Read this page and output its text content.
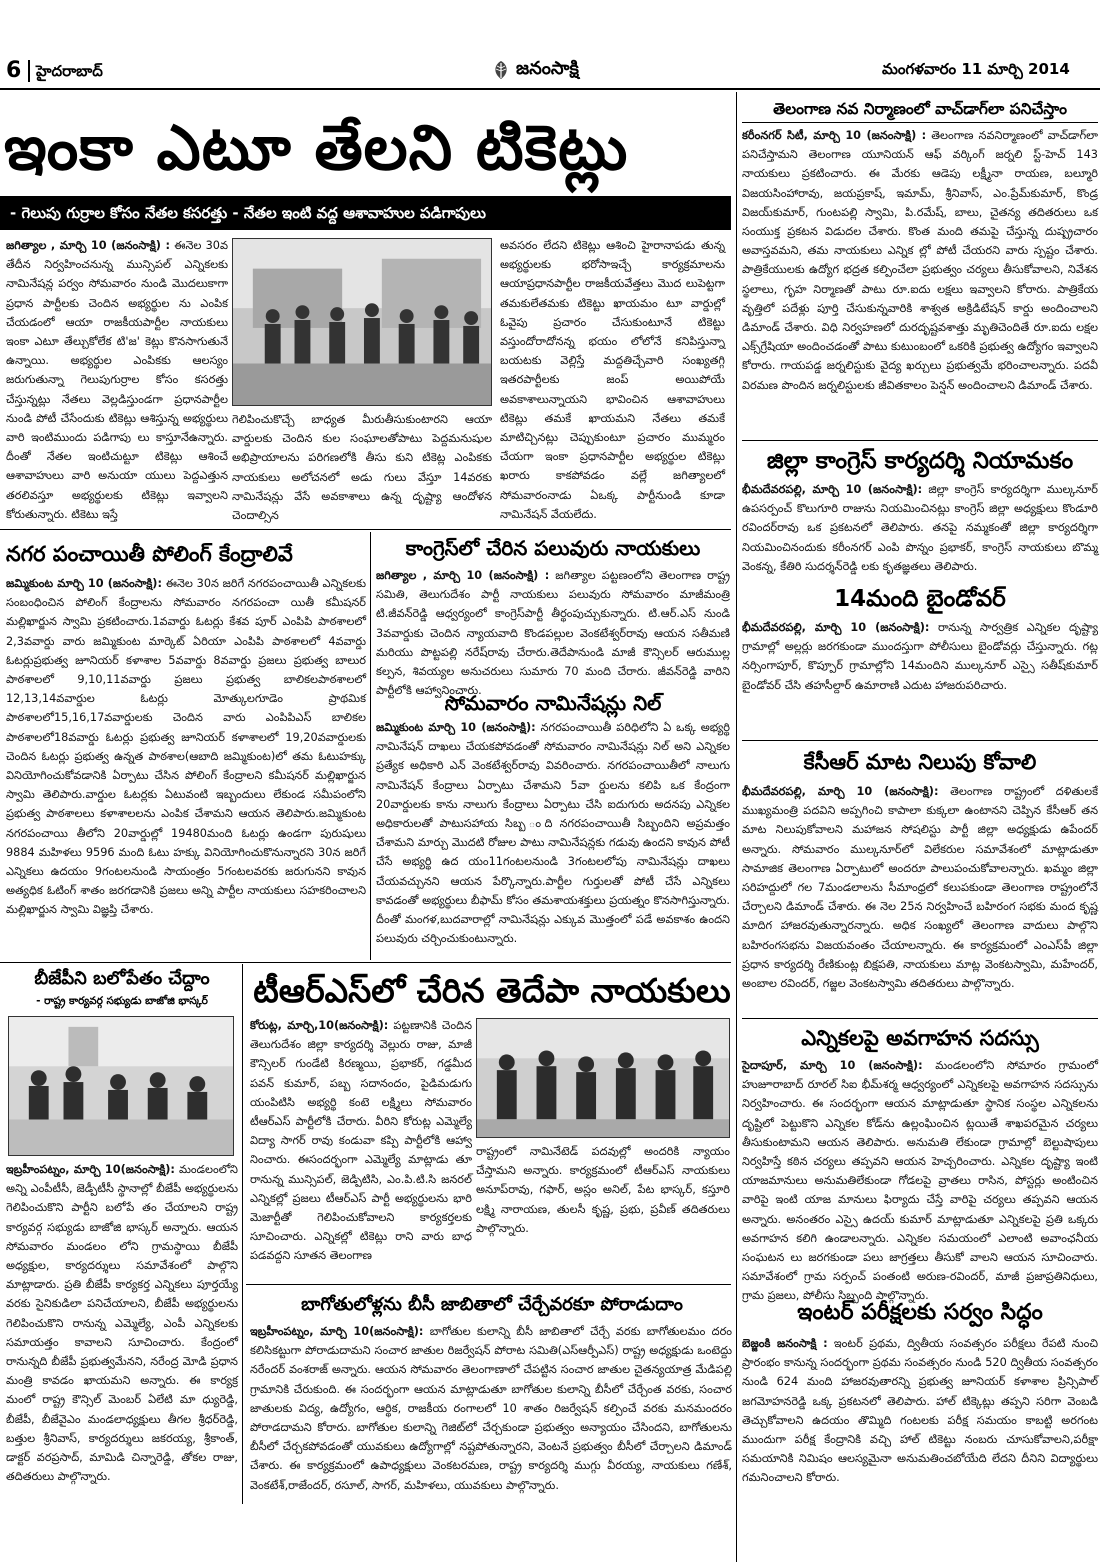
6 హైదరాబాద్	జనంసాక్షి	మంగళవారం 11 మార్చి 2014
ఇంకా ఎటూ తేలని టికెట్లు
- గెలుపు గుర్రాల కోసం నేతల కసరత్తు - నేతల ఇంటి వద్ద ఆశావాహుల పడిగాపులు
జగిత్యాల , మార్చి 10 (జనంసాక్షి) : ఈనెల 30వ తేదీన నిర్వహించనున్న మున్సిపల్ ఎన్నికలకు నామినేషన్ల పర్వం సోమవారం నుండి మొదలుకాగా ప్రధాన పార్టీలకు చెందిన అభ్యర్థుల ను ఎంపిక చేయడంలో ఆయా రాజకీయపార్టీల నాయకులు ఇంకా ఎటూ తేల్చుకోలేక టి'జ' కెట్లు కొనసాగుతునే ఉన్నాయి. అభ్యర్థుల ఎంపికకు ఆలస్యం జరుగుతున్నా గెలుపుగుర్రాల కోసం కసరత్తు చేస్తున్నట్లు నేతలు వెల్లడిస్తుండగా ప్రధానపార్టీల నుండి పోటీ చేసేందుకు టికెట్లు ఆశిస్తున్న అభ్యర్థులు వారి ఇంటిముందు పడిగాపు లు కాస్తూనేఉన్నారు. దీంతో నేతల ఇంటిచుట్టూ టికెట్లు ఆశించే ఆశావాహులు వారి అనుయా యులు పెద్దఎత్తున తరలివస్తూ అభ్యర్థులకు టికెట్లు ఇవ్వాలని కోరుతున్నారు. టికెటు ఇస్తే
గెలిపించుకొచ్చే బాధ్యత మీరుతీసుకుంటారని ఆయా వార్డులకు చెందిన కుల సంఘాలతోపాటు పెద్దమనుషుల అభిప్రాయాలను పరిగణలోకి తీసు కుని టికెట్ల ఎంపికకు నాయకులు అలోచనలో అడు గులు వేస్తూ 14వరకు నామినేషన్లు వేసే అవకాశాలు ఉన్న దృష్ట్యా ఆందోళన చెందాల్సిన
అవసరం లేదని టికెట్లు ఆశించి హైరానాపడు తున్న అభ్యర్థులకు భరోసాఇచ్చే కార్యక్రమాలను ఆయాప్రధానపార్టీల రాజకీయవేత్తలు మొద లుపెట్టగా తమకులేతమకు టికెట్టు ఖాయమం టూ వార్డుల్లో ఓవైపు ప్రచారం చేసుకుంటూనే టికెట్టు వస్తుందోరాదోనన్న భయం లోలోనే కనిపిస్తున్నా బయటకు వెల్లిస్తే మద్దతిచ్చేవారి సంఖ్యతగ్గి ఇతరపార్టీలకు జంప్ అయిపోయే అవకాశాలున్నాయని భావించిన ఆశావాహులు టికెట్లు తమకే ఖాయమని నేతలు తమకే మాటిచ్చినట్లు చెప్పుకుంటూ ప్రచారం ముమ్మరం చేయగా ఇంకా ప్రధానపార్టీల అభ్యర్థుల టికెట్లు ఖరారు కాకపోవడం వల్లే జగిత్యాలలో సోమవారంనాడు ఏఒక్క పార్టీనుండి కూడా నామినేషన్ వేయలేదు.
తెలంగాణ నవ నిర్మాణంలో వాచ్‌డాగ్‌లా పనిచేస్తాం
కరీంనగర్ సిటీ, మార్చి 10 (జనంసాక్షి) : తెలంగాణ నవనిర్మాణంలో వాచ్‌డాగ్‌లా పనిచేస్తామని తెలంగాణ యూనియన్ ఆఫ్ వర్కింగ్ జర్నలి స్ట్-హెచ్ 143 నాయకులు ప్రకటించారు. ఈ మేరకు ఆడెపు లక్ష్మీనా రాయణ, బల్మూరి విజయసింహారావు, జయప్రకాష్, ఇమామ్, శ్రీనివాస్, ఎం.ప్రేమ్‌కుమార్, కొండ్ర విజయ్‌కుమార్, గుంటపల్లి స్వామి, పి.రమేష్, బాలు, చైతన్య తదితరులు ఒక సంయుక్త ప్రకటన విడుదల చేశారు. కొంత మంది తమపై చేస్తున్న దుష్ప్రచారం అవాస్తవమని, తమ నాయకులు ఎన్నిక ల్లో పోటీ చేయరని వారు స్పష్టం చేశారు. పాత్రికేయులకు ఉద్యోగ భద్రత కల్పించేలా ప్రభుత్వం చర్యలు తీసుకోవాలని, నివేశన స్థలాలు, గృహ నిర్మాణతో పాటు రూ.ఐదు లక్షలు ఇవ్వాలని కోరారు. పాత్రికేయ వృత్తిలో పదేళ్లు పూర్తి చేసుకున్నవారికి శాశ్వత అక్రిడిటేషన్ కార్డు అందించాలని డిమాండ్ చేశారు. విధి నిర్వహణలో దురదృష్టవశాత్తు మృతిచెందితే రూ.ఐదు లక్షల ఎక్స్‌గ్రేషియా అందించడంతో పాటు కుటుంబంలో ఒకరికి ప్రభుత్వ ఉద్యోగం ఇవ్వాలని కోరారు. గాయపడ్డ జర్నలిస్టుకు వైద్య ఖర్చులు ప్రభుత్వమే భరించాలన్నారు. పదవీ విరమణ పొందిన జర్నలిస్టులకు జీవితకాలం పెన్షన్ అందించాలని డిమాండ్ చేశారు.
జిల్లా కాంగ్రెస్ కార్యదర్శి నియామకం
భీమదేవరపల్లి, మార్చి 10 (జనంసాక్షి): జిల్లా కాంగ్రెస్ కార్యదర్శిగా ముల్కనూర్ ఉపసర్పంచ్ కొలుగూరి రాజును నియమించినట్లు కాంగ్రెస్ జిల్లా అధ్యక్షులు కొండూరి రవిందర్‌రావు ఒక ప్రకటనలో తెలిపారు. తనపై నమ్మకంతో జిల్లా కార్యదర్శిగా నియమించినందుకు కరీంనగర్ ఎంపి పొన్నం ప్రభాకర్, కాంగ్రెస్ నాయకులు బొమ్మ వెంకన్న, కేతిరి సుదర్శన్‌రెడ్డి లకు కృతజ్ఞతలు తెలిపారు.
14మంది బైండోవర్
భీమదేవరపల్లి, మార్చి 10 (జనంసాక్షి): రానున్న సార్వత్రిక ఎన్నికల దృష్ట్యా గ్రామాల్లో అల్లర్లు జరగకుండా ముందస్తుగా పోలీసులు బైండోవర్లు చేస్తున్నారు. గట్ల నర్సింగాపూర్, కొప్పూర్ గ్రామాల్లోని 14మందిని ముల్కనూర్ ఎస్సై సతీష్‌కుమార్ బైండోవర్ చేసి తహసీల్దార్ ఉమారాణి ఎదుట హాజరుపరిచారు.
కేసీఆర్ మాట నిలుపు కోవాలి
భీమదేవరపల్లి, మార్చి 10 (జనంసాక్షి): తెలంగాణ రాష్ట్రంలో దళితులకే ముఖ్యమంత్రి పదవిని అప్పగించి కాపాలా కుక్కలా ఉంటానని చెప్పిన కేసీఆర్ తన మాట నిలుపుకోవాలని మహాజన సోషలిస్టు పార్టీ జిల్లా అధ్యక్షుడు ఉపేందర్ అన్నారు. సోమవారం ముల్కనూర్‌లో విలేకరుల సమావేశంలో మాట్లాడుతూ సామాజిక తెలంగాణ ఏర్పాటులో అందరూ పాలుపంచుకోవాలన్నారు. ఖమ్మం జిల్లా సరిహద్దులో గల 7మండలాలను సీమాంధ్రలో కలుపకుండా తెలంగాణ రాష్ట్రంలోనే చేర్చాలని డిమాండ్ చేశారు. ఈ నెల 25న నిర్వహించే బహిరంగ సభకు మంద కృష్ణ మాదిగ హాజరవుతున్నారన్నారు. అధిక సంఖ్యలో తెలంగాణ వాదులు పాల్గొని బహిరంగసభను విజయవంతం చేయాలన్నారు. ఈ కార్యక్రమంలో ఎంఎస్‌పీ జిల్లా ప్రధాన కార్యదర్శి రేణికుంట్ల బిక్షపతి, నాయకులు మాట్ల వెంకటస్వామి, మహేందర్, అంబాల రవిందర్, గజ్జల వెంకటస్వామి తదితరులు పాల్గొన్నారు.
ఎన్నికలపై అవగాహన సదస్సు
సైదాపూర్, మార్చి 10 (జనంసాక్షి): మండలంలోని సోమారం గ్రామంలో హుజూరాబాద్ రూరల్ సిఐ భీమ్‌శర్మ ఆధ్వర్యంలో ఎన్నికలపై అవగాహన సదస్సును నిర్వహించారు. ఈ సందర్భంగా ఆయన మాట్లాడుతూ స్థానిక సంస్థల ఎన్నికలను దృష్టిలో పెట్టుకొని ఎన్నికల కోడ్‌ను ఉల్లంఘించిన ట్లయితే శాఖపరమైన చర్యలు తీసుకుంటామని ఆయన తెలిపారు. అనుమతి లేకుండా గ్రామాల్లో బెల్టుషాపులు నిర్వహిస్తే కఠిన చర్యలు తప్పవని ఆయన హెచ్చరించారు. ఎన్నికల దృష్ట్యా ఇంటి యాజమానులు అనుమతిలేకుండా గోడలపై వ్రాతలు రాసిన, పోస్టర్లు అంటించిన వారిపై ఇంటి యాజ మానులు ఫిర్యాదు చేస్తే వారిపై చర్యలు తప్పవని ఆయన అన్నారు. అనంతరం ఎస్సై ఉదయ్ కుమార్ మాట్లాడుతూ ఎన్నికలపై ప్రతి ఒక్కరు అవగాహన కలిగి ఉండాలన్నారు. ఎన్నికల సమయంలో ఎలాంటి అవాంఛనీయ సంఘటన లు జరగకుండా పలు జాగ్రత్తలు తీసుకో వాలని ఆయన సూచించారు. సమావేశంలో గ్రామ సర్పంచ్ పంతంటి అరుణ-రవిందర్, మాజీ ప్రజాప్రతినిధులు, గ్రామ ప్రజలు, పోలీసు సిబ్బంది పాల్గొన్నారు.
ఇంటర్ పరీక్షలకు సర్వం సిద్ధం
బెజ్జంకి జనంసాక్షి : ఇంటర్ ప్రథమ, ద్వితీయ సంవత్సరం పరీక్షలు రేపటి నుంచి ప్రారంభం కానున్న సందర్భంగా ప్రథమ సంవత్సరం నుండి 520 ద్వితీయ సంవత్సరం నుండి 624 మంది హాజరవుతారన్ని ప్రభుత్వ జూనియర్ కళాశాల ప్రిన్సిపాల్ జగమోహనరెడ్డి ఒక్క ప్రకటనలో తెలిపారు. హాల్ టిక్కెట్లు తప్పని సరిగా వెంబడి తెచ్చుకోవాలని ఉదయం తొమ్మిది గంటలకు పరీక్ష సమయం కాబట్టి అరగంట ముందుగా పరీక్ష కేంద్రానికి వచ్చి హాల్ టికెట్టు నంబరు చూసుకోవాలని,పరీక్షా సమయానికి నిమిషం ఆలస్యమైనా అనుమతించబోయేది లేదని దీనిని విద్యార్థులు గమనించాలని కోరారు.
నగర పంచాయితీ పోలింగ్ కేంద్రాలివే
జమ్మికుంట మార్చి 10 (జనంసాక్షి): ఈనెల 30న జరిగే నగరపంచాయితీ ఎన్నికలకు సంబంధించిన పోలింగ్ కేంద్రాలను సోమవారం నగరపంచా యితీ కమీషనర్ మల్లిఖార్జున స్వామి ప్రకటించారు.1వవార్డు ఓటర్లు కేశవ పూర్ ఎంపిపి పాఠశాలలో 2,3వవార్డు వారు జమ్మికుంట మార్కెట్ ఏరియా ఎంపిపి పాఠశాలలో 4వవార్డు ఓటర్లుప్రభుత్వ జూనియర్ కళాశాల 5వవార్డు 8వవార్డు ప్రజలు ప్రభుత్వ బాలుర పాఠశాలలో 9,10,11వవార్డు ప్రజలు ప్రభుత్వ బాలికలపాఠశాలలో 12,13,14వవార్డుల ఓటర్లు మోత్కులగూడెం ప్రాథమిక పాఠశాలలో15,16,17వవార్డులకు చెందిన వారు ఎంపిపిఎస్ బాలికల పాఠశాలలో18వవార్డు ఓటర్లు ప్రభుత్వ జూనియర్ కళాశాలలో 19,20వవార్డులకు చెందిన ఓటర్లు ప్రభుత్వ ఉన్నత పాఠశాల(ఆబాది జమ్మికుంట)లో తమ ఓటుహక్కు వినియోగించుకోవడానికి ఏర్పాటు చేసిన పోలింగ్ కేంద్రాలని కమీషనర్ మల్లిఖార్జున స్వామి తెలిపారు.వార్డుల ఓటర్లకు ఏటువంటి ఇబ్బందులు లేకుండ సమీపంలోని ప్రభుత్వ పాఠశాలలు కళాశాలలను ఎంపిక చేశామని ఆయన తెలిపారు.జమ్మికుంట నగరపంచాయి తీలోని 20వార్డుల్లో 19480మంది ఓటర్లు ఉండగా పురుషులు 9884 మహిళలు 9596 మంది ఓటు హక్కు వినియోగించుకొనున్నారని 30న జరిగే ఎన్నికలు ఉదయం 9గంటలనుండి సాయంత్రం 5గంటలవరకు జరుగునని కావున అత్యధిక ఓటింగ్ శాతం జరగడానికి ప్రజలు అన్ని పార్టీల నాయకులు సహకరించాలని మల్లిఖార్జున స్వామి విజ్ఞప్తి చేశారు.
కాంగ్రెస్‌లో చేరిన పలువురు నాయకులు
జగిత్యాల , మార్చి 10 (జనంసాక్షి) : జగిత్యాల పట్టణంలోని తెలంగాణ రాష్ట్ర సమితి, తెలుగుదేశం పార్టీ నాయకులు పలువురు సోమవారం మాజీమంత్రి టి.జీవన్‌రెడ్డి ఆధ్వర్యంలో కాంగ్రెస్‌పార్టీ తీర్థంపుచ్చుకున్నారు. టి.ఆర్.ఎస్ నుండి 3వవార్డుకు చెందిన న్యాయవాది కొండపల్లుల వెంకటేశ్వర్‌రావు ఆయన సతీమణి మరియు పొట్టపల్లి నరేష్‌రావు చేరారు.తెదేపానుండి మాజీ కౌన్సిలర్ ఆరుముల్ల కల్పన, శివయ్యల అనుచరులు సుమారు 70 మంది చేరారు. జీవన్‌రెడ్డి వారిని పార్టీలోకి ఆహ్వానించారు.
సోమవారం నామినేషన్లు నిల్
జమ్మికుంట మార్చి 10 (జనంసాక్షి): నగరపంచాయితీ పరిధిలోని ఏ ఒక్క అభ్యర్థి నామినేషన్ దాఖలు చేయకపోవడంతో సోమవారం నామినేషన్లు నిల్ అని ఎన్నికల ప్రత్యేక అధికారి ఎన్ వెంకటేశ్వర్‌రావు వివరించారు. నగరపంచాయితీలో నాలుగు నామినేషన్ కేంద్రాలు ఏర్పాటు చేశామని 5వా ర్డులను కలిపి ఒక కేంద్రంగా 20వార్డులకు కాను నాలుగు కేంద్రాలు ఏర్పాటు చేసి ఐదుగురు అదనపు ఎన్నికల అధికారులతో పాటుసహాయ సిబ్బ ంది నగరపంచాయితీ సిబ్బందిని అప్రమత్తం చేశామని మార్చు మొదటి రోజుల పాటు నామినేషన్లకు గడువు ఉందని కావున పోటీ చేసే అభ్యర్థి ఉద యం11గంటలనుండి 3గంటలలోపు నామినేషన్లు దాఖలు చేయవచ్చునని ఆయన పేర్కొన్నారు.పార్టీల గుర్తులతో పోటీ చేసే ఎన్నికలు కావడంతో అభ్యర్థులు బీఫామ్ కోసం తమశాయశక్తులు ప్రయత్నం కొనసాగిస్తున్నారు. దీంతో మంగళ,బుదవారాల్లో నామినేషన్లు ఎక్కువ మొత్తంలో పడే అవకాశం ఉందని పలువురు చర్చించుకుంటున్నారు.
బీజేపీని బలోపేతం చేద్దాం
- రాష్ట్ర కార్యవర్గ సభ్యుడు బాజోజి భాస్కర్
ఇబ్రహీంపట్నం, మార్చి 10(జనంసాక్షి): మండలంలోని అన్ని ఎంపీటీసీ, జెడ్పీటీసీ స్థానాల్లో బీజేపీ అభ్యర్థులను గెలిపించుకొని పార్టీని బలోపే తం చేయాలని రాష్ట్ర కార్యవర్గ సభ్యుడు బాజోజి భాస్కర్ అన్నారు. ఆయన సోమవారం మండలం లోని గ్రామస్థాయి బీజేపీ అధ్యక్షుల, కార్యదర్శులు సమావేశంలో పాల్గొని మాట్లాడారు. ప్రతి బీజేపీ కార్యకర్త ఎన్నికలు పూర్తయ్యే వరకు సైనికుడిలా పనిచేయాలని, బీజేపీ అభ్యర్థులను గెలిపించుకొని రానున్న ఎమ్మెల్యే, ఎంపీ ఎన్నికలకు సమాయత్తం కావాలని సూచించారు. కేంద్రంలో రానున్నది బీజేపీ ప్రభుత్వమేనని, నరేంద్ర మోడి ప్రధాన మంత్రి కావడం ఖాయమని అన్నారు. ఈ కార్యక్ర మంలో రాష్ట్ర కౌన్సిల్ మెంబర్ ఏలేటి మా ధ్యురెడ్డి, బీజేపీ, బీజేవైఎం మండలాధ్యక్షులు తీగల శ్రీధర్‌రెడ్డి, బత్తుల శ్రీనివాస్, కార్యదర్శులు జకరయ్య, శ్రీకాంత్, డాక్టర్ వరప్రసాద్, మామిడి చిన్నారెడ్డి, తోకల రాజు, తదితరులు పాల్గొన్నారు.
టీఆర్‌ఎస్‌లో చేరిన తెదేపా నాయకులు
కోరుట్ల, మార్చి,10(జనంసాక్షి): పట్టణానికి చెందిన తెలుగుదేశం జిల్లా కార్యదర్శి వెల్లురు రాజు, మాజీ కౌన్సిలర్ గుండేటి కిరణ్మయి, ప్రభాకర్, గడ్డమీద పవన్ కుమార్, పబ్బ సదానందం, పైడిమడుగు యంపిటిసి అభ్యర్థి కంటె లక్ష్మిలు సోమవారం టీఆర్‌ఎస్ పార్టీలోకి చేరారు. వీరిని కోరుట్ల ఎమ్మెల్యే విద్యా సాగర్ రావు కండువా కప్పి పార్టీలోకి ఆహ్వా నించారు. ఈసందర్భంగా ఎమ్మెల్యే మాట్లాడు తూ రానున్న మున్సిపల్, జెడ్పిటిసి, ఎం.పి.టి.సి జనరల్ ఎన్నికల్లో ప్రజలు టీఆర్‌ఎస్ పార్టీ అభ్యర్థులను భారి మెజార్టీతో గెలిపించుకోవాలని కార్యకర్తలకు సూచించారు. ఎన్నికల్లో టికెట్లు రాని వారు బాధ పడవద్దని సూతన తెలంగాణ
రాష్ట్రంలో నామినేటెడ్ పదవుల్లో అందరికి న్యాయం చేస్తామని అన్నారు. కార్యక్రమంలో టీఆర్‌ఎస్ నాయకులు అనూప్‌రావు, గఫార్, అస్లం అనిల్, పేట భాస్కర్, కస్తూరి లక్ష్మి నారాయణ, తులసీ కృష్ణ, ప్రభు, ప్రవీణ్ తదితరులు పాల్గొన్నారు.
బాగోతులోళ్లను బీసీ జాబితాలో చేర్చేవరకూ పోరాడుదాం
ఇబ్రహీంపట్నం, మార్చి 10(జనంసాక్షి): బాగోతుల కులాన్ని బీసీ జాబితాలో చేర్చే వరకు బాగోతులమం దరం కలిసికట్టుగా పోరాడుదామని సంచార జాతుల రిజర్వేషన్ పోరాట సమితి(ఎస్ఆర్పీఎస్) రాష్ట్ర అధ్యక్షుడు ఒంటెద్దు నరేందర్ వంశరాజ్ అన్నారు. ఆయన సోమవారం తెలంగాణాలో చేపట్టిన సంచార జాతుల చైతన్యయాత్ర మేడిపల్లి గ్రామానికి చేరుకుంది. ఈ సందర్భంగా ఆయన మాట్లాడుతూ బాగోతుల కులాన్ని బీసీలో చేర్చేంత వరకు, సంచార జాతులకు విద్య, ఉద్యోగం, ఆర్థిక, రాజకీయ రంగాలలో 10 శాతం రిజర్వేషన్ కల్పించే వరకు మనమందరం పోరాడదామని కోరారు. బాగోతుల కులాన్ని గెజిట్‌లో చేర్చకుండా ప్రభుత్వం అన్యాయం చేసిందని, బాగోతులను బీసీలో చేర్చకపోవడంతో యువకులు ఉద్యోగాల్లో నష్టపోతున్నారని, వెంటనే ప్రభుత్వం బీసీలో చేర్చాలని డిమాండ్ చేశారు. ఈ కార్యక్రమంలో ఉపాధ్యక్షులు వెంకటరమణ, రాష్ట్ర కార్యదర్శి ముగ్గు వీరయ్య, నాయకులు గణేశ్, వెంకటేశ్,రాజేందర్, రసూల్, సాగర్, మహిళలు, యువకులు పాల్గొన్నారు.
